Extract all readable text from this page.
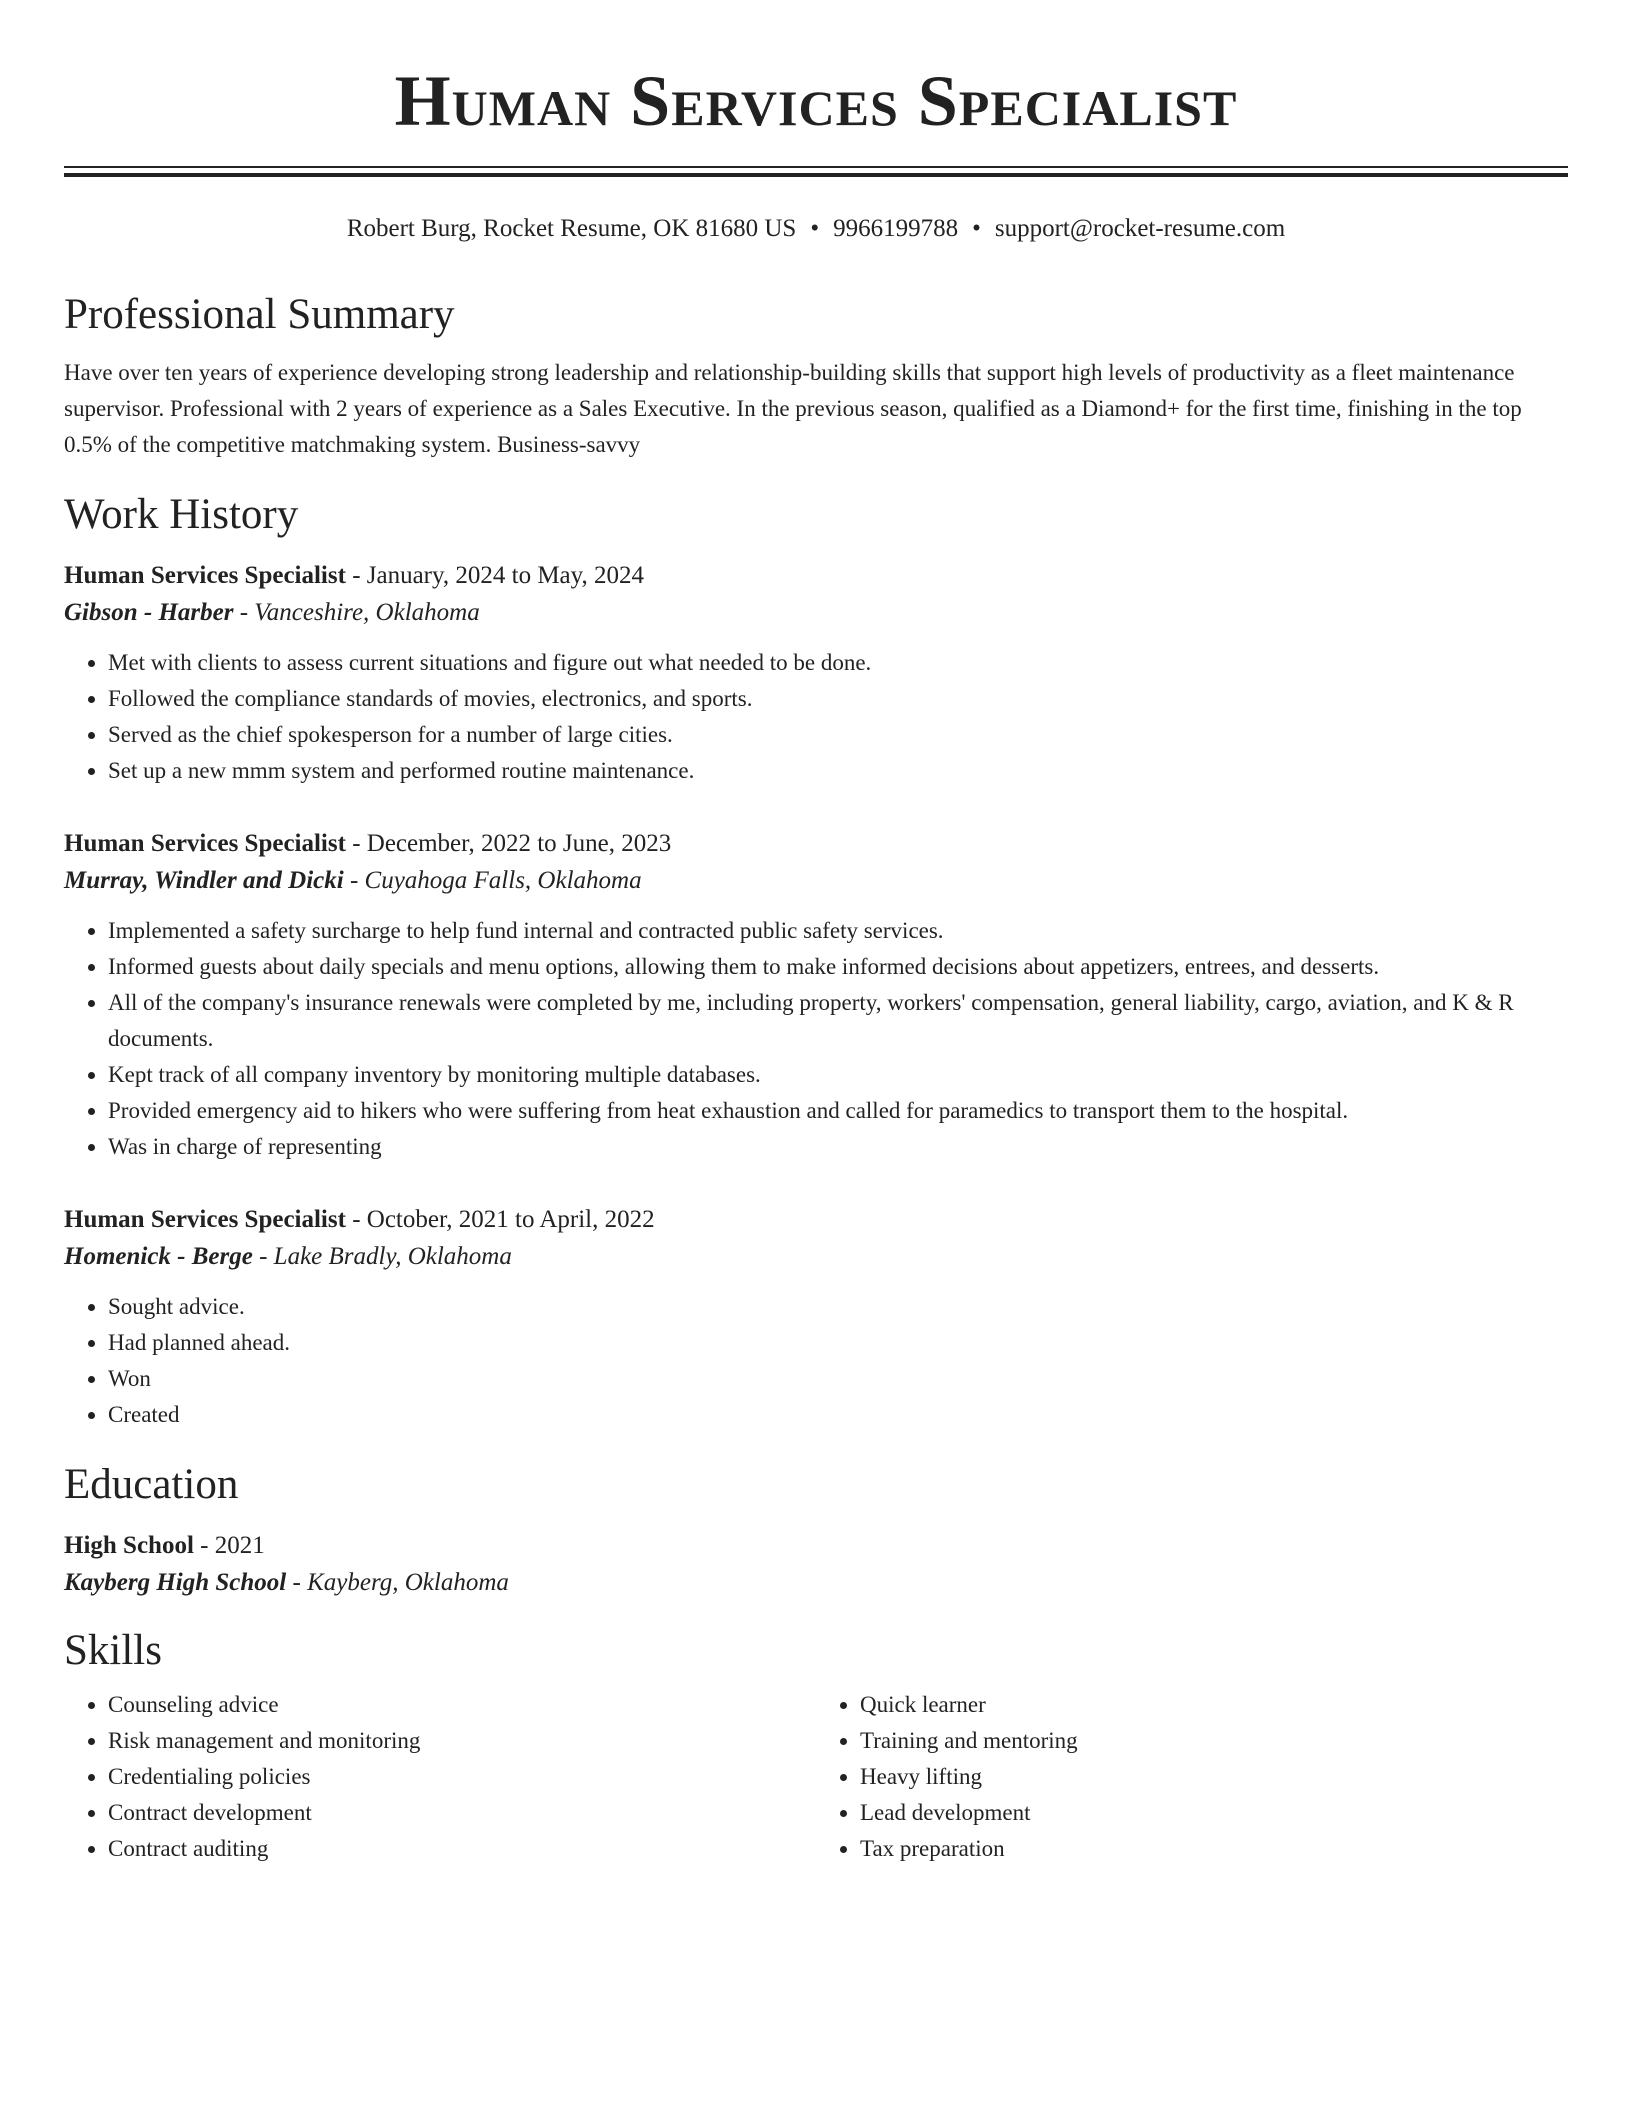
Human Services Specialist
Robert Burg, Rocket Resume, OK 81680 US • 9966199788 • support@rocket-resume.com
Professional Summary

Have over ten years of experience developing strong leadership and relationship-building skills that support high levels of productivity as a fleet maintenance supervisor. Professional with 2 years of experience as a Sales Executive. In the previous season, qualified as a Diamond+ for the first time, finishing in the top 0.5% of the competitive matchmaking system. Business-savvy

Work History
Human Services Specialist - January, 2024 to May, 2024
Gibson - Harber - Vanceshire, Oklahoma
• Met with clients to assess current situations and figure out what needed to be done.
• Followed the compliance standards of movies, electronics, and sports.
• Served as the chief spokesperson for a number of large cities.
• Set up a new mmm system and performed routine maintenance.
Human Services Specialist - December, 2022 to June, 2023
Murray, Windler and Dicki - Cuyahoga Falls, Oklahoma
• Implemented a safety surcharge to help fund internal and contracted public safety services.
• Informed guests about daily specials and menu options, allowing them to make informed decisions about appetizers, entrees, and desserts.
• All of the company's insurance renewals were completed by me, including property, workers' compensation, general liability, cargo, aviation, and K & R documents.
• Kept track of all company inventory by monitoring multiple databases.
• Provided emergency aid to hikers who were suffering from heat exhaustion and called for paramedics to transport them to the hospital.
• Was in charge of representing
Human Services Specialist - October, 2021 to April, 2022
Homenick - Berge - Lake Bradly, Oklahoma
• Sought advice.
• Had planned ahead.
• Won
• Created
Education
High School - 2021
Kayberg High School - Kayberg, Oklahoma
Skills
• Counseling advice
• Risk management and monitoring
• Credentialing policies
• Contract development
• Contract auditing
• Quick learner
• Training and mentoring
• Heavy lifting
• Lead development
• Tax preparation
